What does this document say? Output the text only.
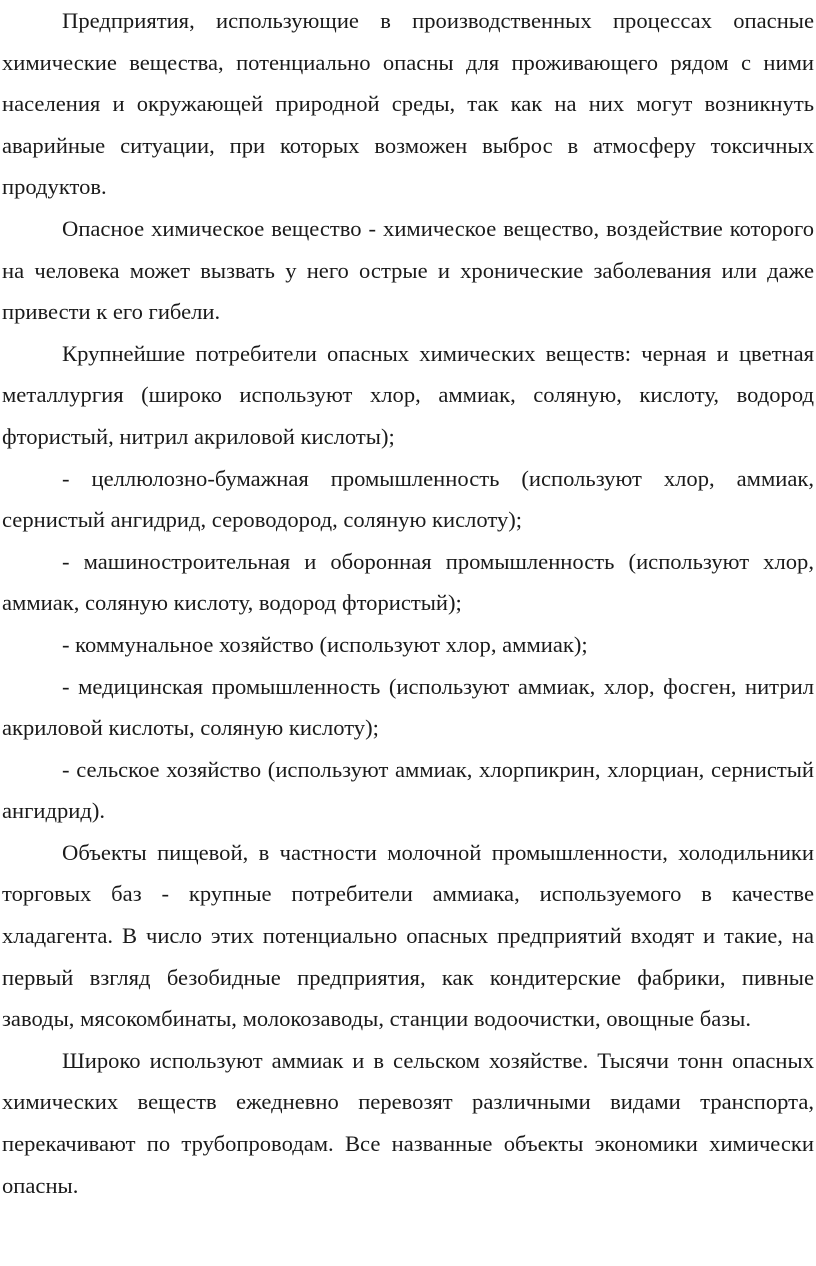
Предприятия, использующие в производственных процессах опасные химические вещества, потенциально опасны для проживающего рядом с ними населения и окружающей природной среды, так как на них могут возникнуть аварийные ситуации, при которых возможен выброс в атмосферу токсичных продуктов.

Опасное химическое вещество - химическое вещество, воздействие которого на человека может вызвать у него острые и хронические заболевания или даже привести к его гибели.

Крупнейшие потребители опасных химических веществ: черная и цветная металлургия (широко используют хлор, аммиак, соляную, кислоту, водород фтористый, нитрил акриловой кислоты);

- целлюлозно-бумажная промышленность (используют хлор, аммиак, сернистый ангидрид, сероводород, соляную кислоту);

- машиностроительная и оборонная промышленность (используют хлор, аммиак, соляную кислоту, водород фтористый);

- коммунальное хозяйство (используют хлор, аммиак);

- медицинская промышленность (используют аммиак, хлор, фосген, нитрил акриловой кислоты, соляную кислоту);

- сельское хозяйство (используют аммиак, хлорпикрин, хлорциан, сернистый ангидрид).

Объекты пищевой, в частности молочной промышленности, холодильники торговых баз - крупные потребители аммиака, используемого в качестве хладагента. В число этих потенциально опасных предприятий входят и такие, на первый взгляд безобидные предприятия, как кондитерские фабрики, пивные заводы, мясокомбинаты, молокозаводы, станции водоочистки, овощные базы.

Широко используют аммиак и в сельском хозяйстве. Тысячи тонн опасных химических веществ ежедневно перевозят различными видами транспорта, перекачивают по трубопроводам. Все названные объекты экономики химически опасны.
